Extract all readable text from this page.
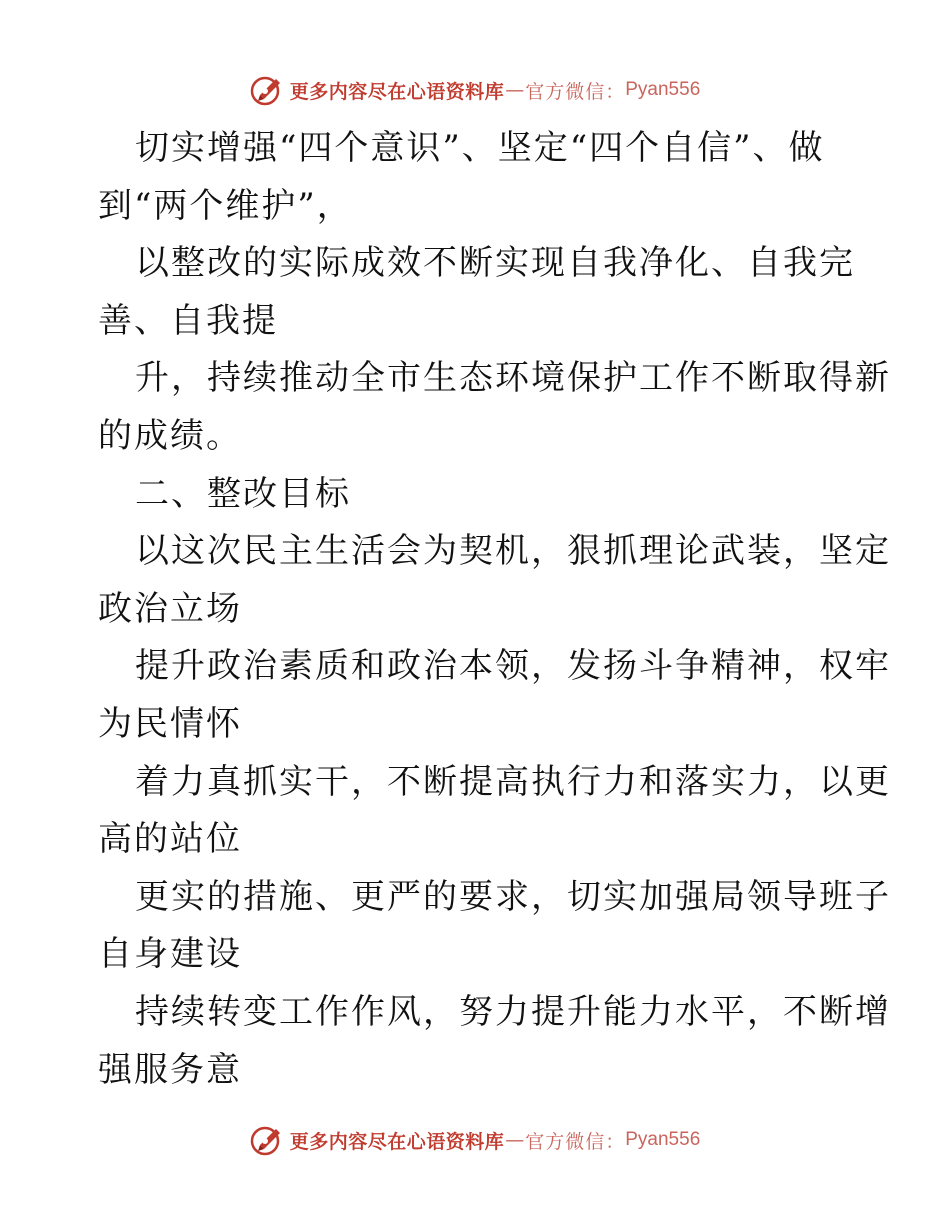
更多内容尽在心语资料库 — 官方微信： Pyan556
切实增强“四个意识”、坚定“四个自信”、做
到“两个维护”，
以整改的实际成效不断实现自我净化、自我完
善、自我提
升，持续推动全市生态环境保护工作不断取得新
的成绩。
二、整改目标
以这次民主生活会为契机，狠抓理论武装，坚定
政治立场
提升政治素质和政治本领，发扬斗争精神，权牢
为民情怀
着力真抓实干，不断提高执行力和落实力，以更
高的站位
更实的措施、更严的要求，切实加强局领导班子
自身建设
持续转变工作作风，努力提升能力水平，不断增
强服务意
更多内容尽在心语资料库 — 官方微信： Pyan556
